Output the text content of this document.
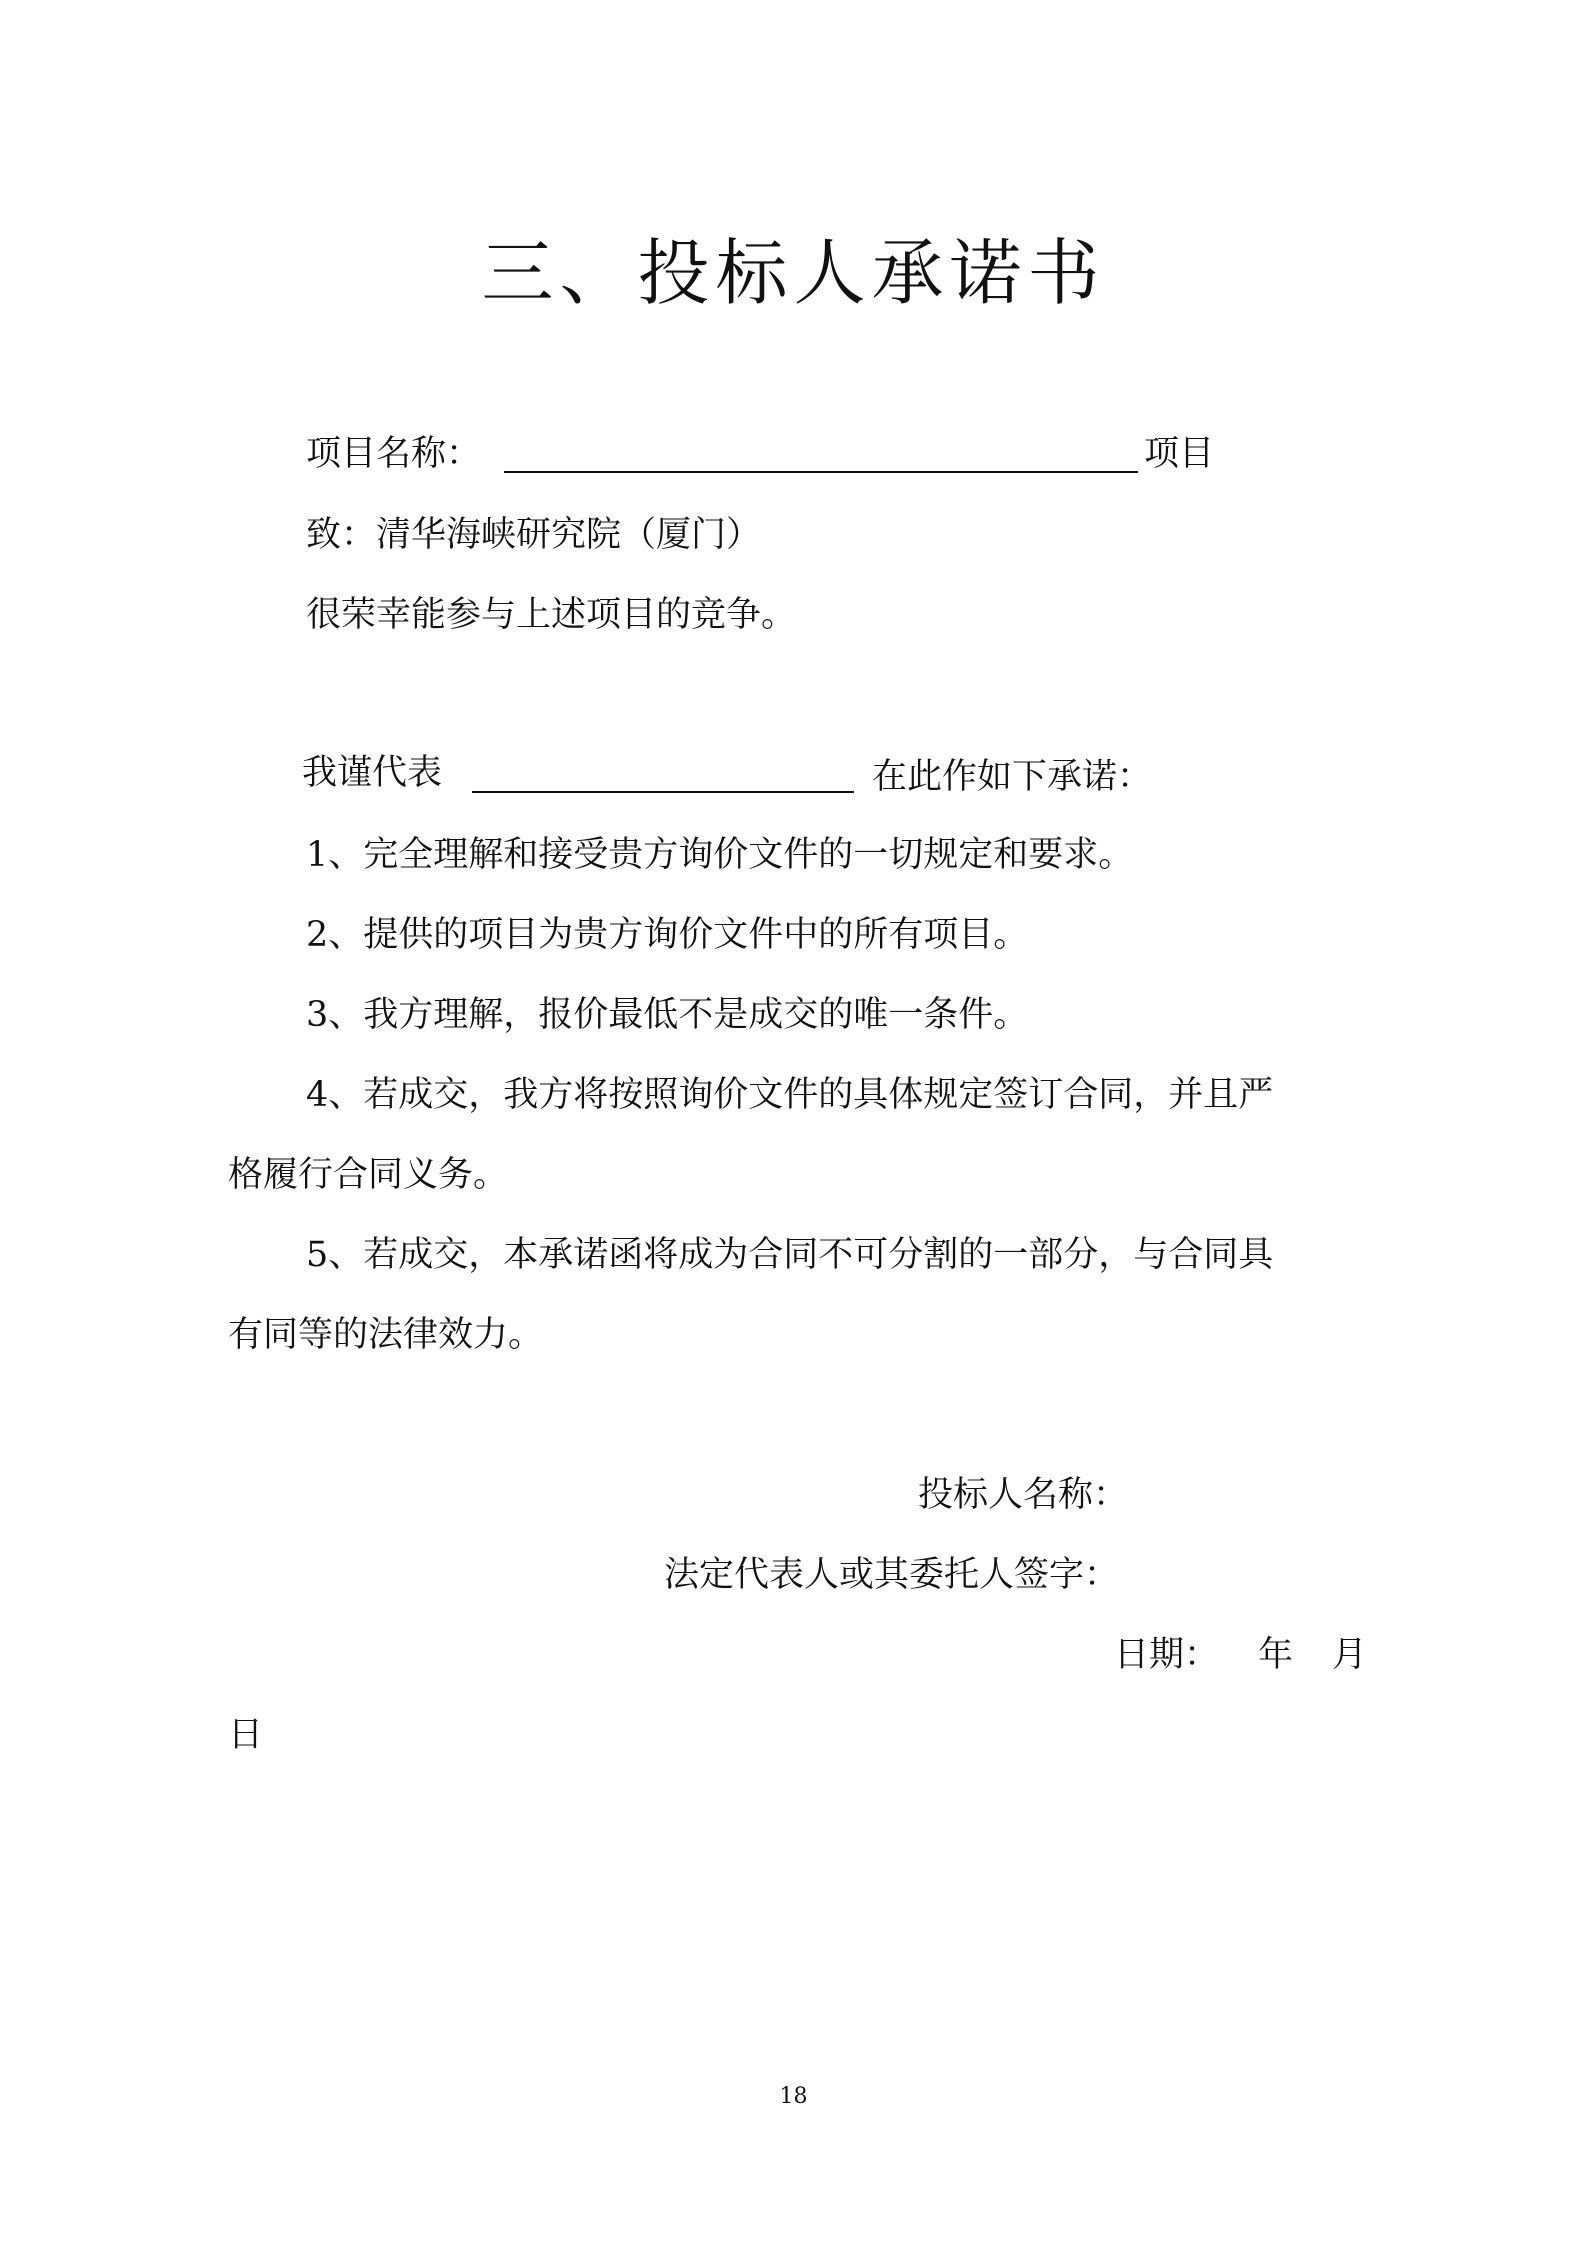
三、投标人承诺书
项目名称：	项目
致：清华海峡研究院（厦门）
很荣幸能参与上述项目的竞争。
我谨代表	在此作如下承诺：
1、完全理解和接受贵方询价文件的一切规定和要求。
2、提供的项目为贵方询价文件中的所有项目。
3、我方理解，报价最低不是成交的唯一条件。
4、若成交，我方将按照询价文件的具体规定签订合同，并且严
格履行合同义务。
5、若成交，本承诺函将成为合同不可分割的一部分，与合同具
有同等的法律效力。
投标人名称：
法定代表人或其委托人签字：
日期： 年 月
日
18
